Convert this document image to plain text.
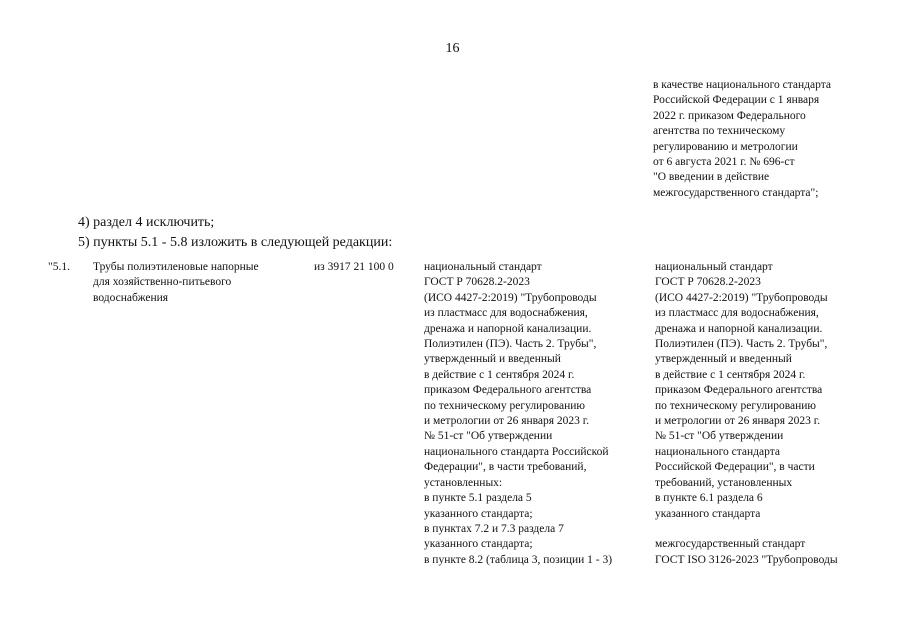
16
в качестве национального стандарта
Российской Федерации с 1 января
2022 г. приказом Федерального
агентства по техническому
регулированию и метрологии
от 6 августа 2021 г. № 696-ст
"О введении в действие
межгосударственного стандарта";
4) раздел 4 исключить;
5) пункты 5.1 - 5.8 изложить в следующей редакции:
"5.1.	Трубы полиэтиленовые напорные
для хозяйственно-питьевого
водоснабжения
из 3917 21 100 0	национальный стандарт
ГОСТ Р 70628.2-2023
(ИСО 4427-2:2019) "Трубопроводы
из пластмасс для водоснабжения,
дренажа и напорной канализации.
Полиэтилен (ПЭ). Часть 2. Трубы",
утвержденный и введенный
в действие с 1 сентября 2024 г.
приказом Федерального агентства
по техническому регулированию
и метрологии от 26 января 2023 г.
№ 51-ст "Об утверждении
национального стандарта Российской
Федерации", в части требований,
установленных:
в пункте 5.1 раздела 5
указанного стандарта;
в пунктах 7.2 и 7.3 раздела 7
указанного стандарта;
в пункте 8.2 (таблица 3, позиции 1 - 3)
национальный стандарт
ГОСТ Р 70628.2-2023
(ИСО 4427-2:2019) "Трубопроводы
из пластмасс для водоснабжения,
дренажа и напорной канализации.
Полиэтилен (ПЭ). Часть 2. Трубы",
утвержденный и введенный
в действие с 1 сентября 2024 г.
приказом Федерального агентства
по техническому регулированию
и метрологии от 26 января 2023 г.
№ 51-ст "Об утверждении
национального стандарта
Российской Федерации", в части
требований, установленных
в пункте 6.1 раздела 6
указанного стандарта
межгосударственный стандарт
ГОСТ ISO 3126-2023 "Трубопроводы
